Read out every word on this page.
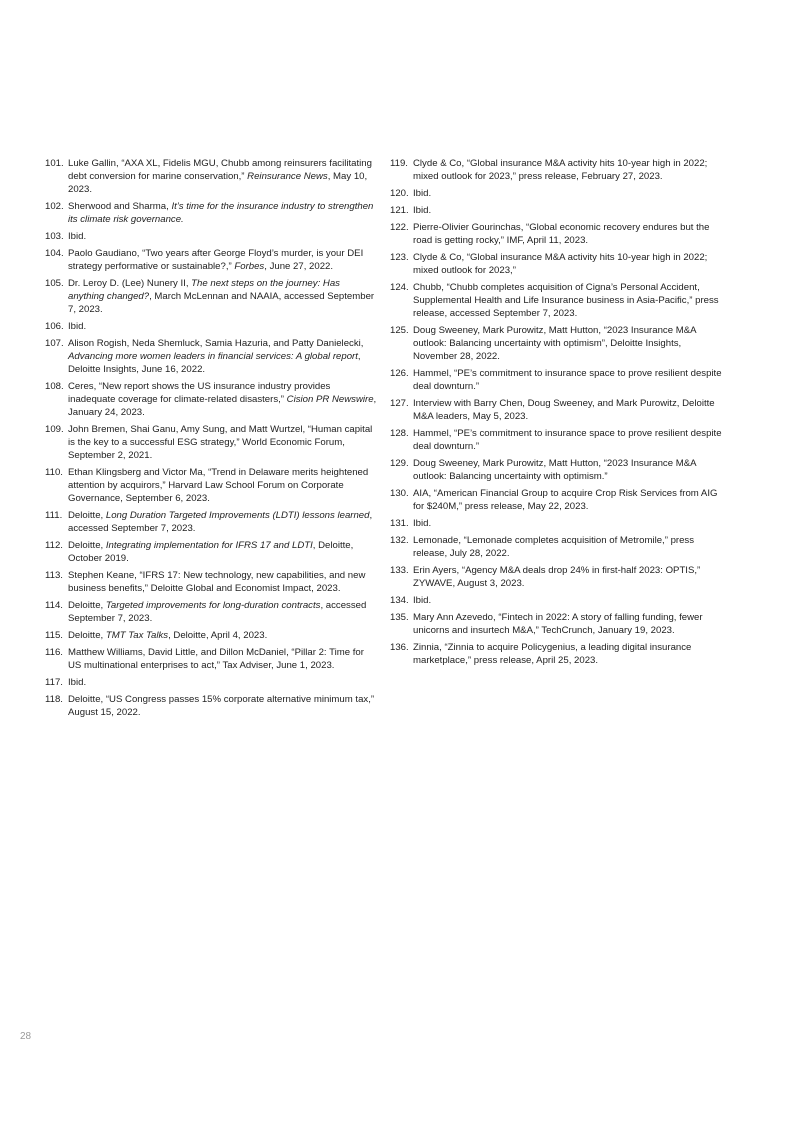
101. Luke Gallin, “AXA XL, Fidelis MGU, Chubb among reinsurers facilitating debt conversion for marine conservation,” Reinsurance News, May 10, 2023.
102. Sherwood and Sharma, It’s time for the insurance industry to strengthen its climate risk governance.
103. Ibid.
104. Paolo Gaudiano, “Two years after George Floyd’s murder, is your DEI strategy performative or sustainable?,” Forbes, June 27, 2022.
105. Dr. Leroy D. (Lee) Nunery II, The next steps on the journey: Has anything changed?, March McLennan and NAAIA, accessed September 7, 2023.
106. Ibid.
107. Alison Rogish, Neda Shemluck, Samia Hazuria, and Patty Danielecki, Advancing more women leaders in financial services: A global report, Deloitte Insights, June 16, 2022.
108. Ceres, “New report shows the US insurance industry provides inadequate coverage for climate-related disasters,” Cision PR Newswire, January 24, 2023.
109. John Bremen, Shai Ganu, Amy Sung, and Matt Wurtzel, “Human capital is the key to a successful ESG strategy,” World Economic Forum, September 2, 2021.
110. Ethan Klingsberg and Victor Ma, “Trend in Delaware merits heightened attention by acquirors,” Harvard Law School Forum on Corporate Governance, September 6, 2023.
111. Deloitte, Long Duration Targeted Improvements (LDTI) lessons learned, accessed September 7, 2023.
112. Deloitte, Integrating implementation for IFRS 17 and LDTI, Deloitte, October 2019.
113. Stephen Keane, “IFRS 17: New technology, new capabilities, and new business benefits,” Deloitte Global and Economist Impact, 2023.
114. Deloitte, Targeted improvements for long-duration contracts, accessed September 7, 2023.
115. Deloitte, TMT Tax Talks, Deloitte, April 4, 2023.
116. Matthew Williams, David Little, and Dillon McDaniel, “Pillar 2: Time for US multinational enterprises to act,” Tax Adviser, June 1, 2023.
117. Ibid.
118. Deloitte, “US Congress passes 15% corporate alternative minimum tax,” August 15, 2022.
119. Clyde & Co, “Global insurance M&A activity hits 10-year high in 2022; mixed outlook for 2023,” press release, February 27, 2023.
120. Ibid.
121. Ibid.
122. Pierre-Olivier Gourinchas, “Global economic recovery endures but the road is getting rocky,” IMF, April 11, 2023.
123. Clyde & Co, “Global insurance M&A activity hits 10-year high in 2022; mixed outlook for 2023,”
124. Chubb, “Chubb completes acquisition of Cigna’s Personal Accident, Supplemental Health and Life Insurance business in Asia-Pacific,” press release, accessed September 7, 2023.
125. Doug Sweeney, Mark Purowitz, Matt Hutton, “2023 Insurance M&A outlook: Balancing uncertainty with optimism”, Deloitte Insights, November 28, 2022.
126. Hammel, “PE’s commitment to insurance space to prove resilient despite deal downturn.”
127. Interview with Barry Chen, Doug Sweeney, and Mark Purowitz, Deloitte M&A leaders, May 5, 2023.
128. Hammel, “PE’s commitment to insurance space to prove resilient despite deal downturn.”
129. Doug Sweeney, Mark Purowitz, Matt Hutton, “2023 Insurance M&A outlook: Balancing uncertainty with optimism.”
130. AIA, “American Financial Group to acquire Crop Risk Services from AIG for $240M,” press release, May 22, 2023.
131. Ibid.
132. Lemonade, “Lemonade completes acquisition of Metromile,” press release, July 28, 2022.
133. Erin Ayers, “Agency M&A deals drop 24% in first-half 2023: OPTIS,” ZYWAVE, August 3, 2023.
134. Ibid.
135. Mary Ann Azevedo, “Fintech in 2022: A story of falling funding, fewer unicorns and insurtech M&A,” TechCrunch, January 19, 2023.
136. Zinnia, “Zinnia to acquire Policygenius, a leading digital insurance marketplace,” press release, April 25, 2023.
28
